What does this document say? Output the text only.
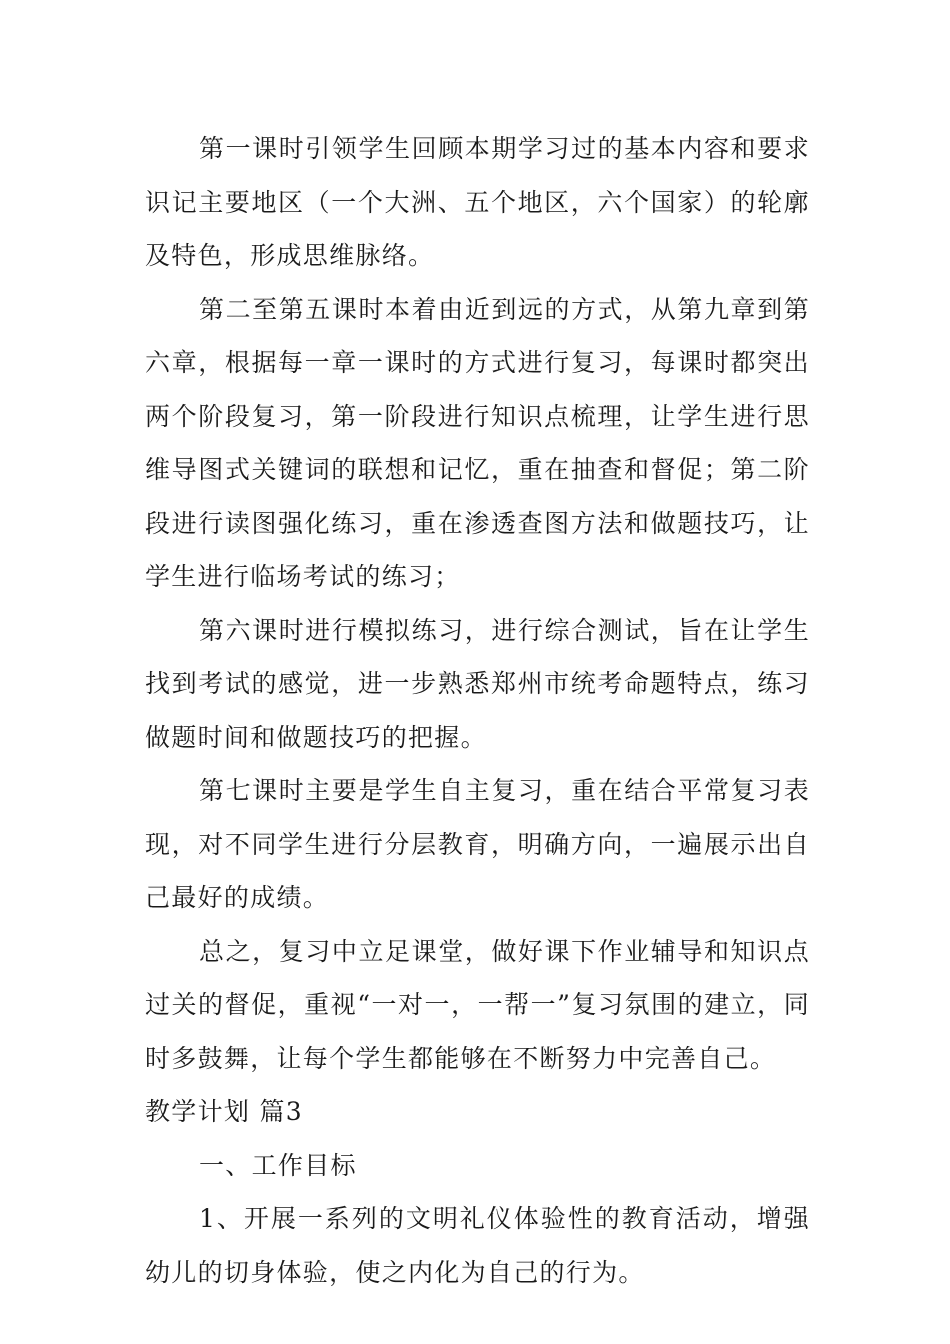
第一课时引领学生回顾本期学习过的基本内容和要求识记主要地区（一个大洲、五个地区，六个国家）的轮廓及特色，形成思维脉络。

第二至第五课时本着由近到远的方式，从第九章到第六章，根据每一章一课时的方式进行复习，每课时都突出两个阶段复习，第一阶段进行知识点梳理，让学生进行思维导图式关键词的联想和记忆，重在抽查和督促；第二阶段进行读图强化练习，重在渗透查图方法和做题技巧，让学生进行临场考试的练习；

第六课时进行模拟练习，进行综合测试，旨在让学生找到考试的感觉，进一步熟悉郑州市统考命题特点，练习做题时间和做题技巧的把握。

第七课时主要是学生自主复习，重在结合平常复习表现，对不同学生进行分层教育，明确方向，一遍展示出自己最好的成绩。

总之，复习中立足课堂，做好课下作业辅导和知识点过关的督促，重视“一对一，一帮一”复习氛围的建立，同时多鼓舞，让每个学生都能够在不断努力中完善自己。

教学计划 篇3

一、工作目标

1、开展一系列的文明礼仪体验性的教育活动，增强幼儿的切身体验，使之内化为自己的行为。
